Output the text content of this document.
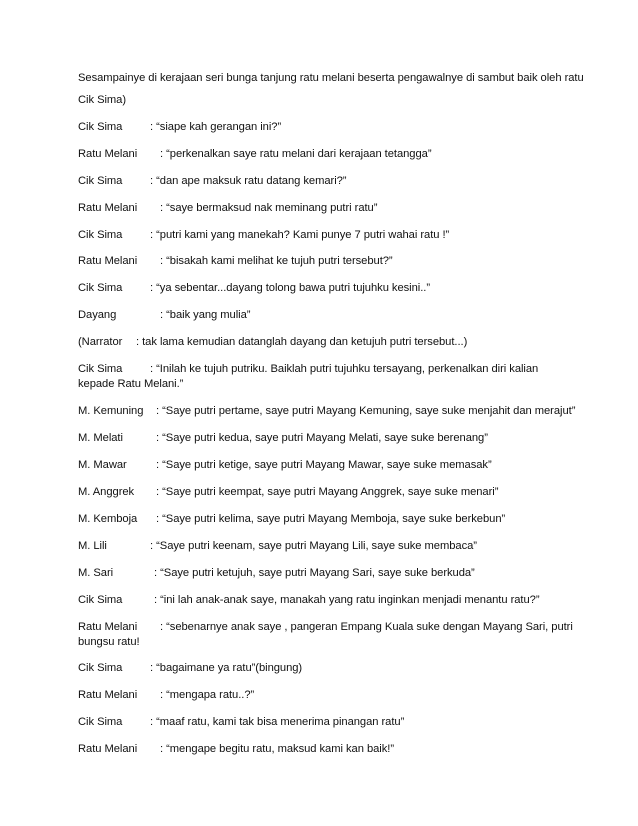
Sesampainye di kerajaan seri bunga tanjung ratu melani beserta pengawalnye di sambut baik oleh ratu
Cik Sima)
Cik Sima : “siape kah gerangan ini?”
Ratu Melani : “perkenalkan saye ratu melani dari kerajaan tetangga”
Cik Sima : “dan ape maksuk ratu datang kemari?”
Ratu Melani : “saye bermaksud nak meminang putri ratu”
Cik Sima : “putri kami yang manekah? Kami punye 7 putri wahai ratu !”
Ratu Melani : “bisakah kami melihat ke tujuh putri tersebut?”
Cik Sima : “ya sebentar...dayang tolong bawa putri tujuhku kesini..”
Dayang	: “baik yang mulia”
(Narrator : tak lama kemudian datanglah dayang dan ketujuh putri tersebut...)
Cik Sima : “Inilah ke tujuh putriku. Baiklah putri tujuhku tersayang, perkenalkan diri kalian
kepade Ratu Melani.”
M. Kemuning : “Saye putri pertame, saye putri Mayang Kemuning, saye suke menjahit dan merajut”
M. Melati	: “Saye putri kedua, saye putri Mayang Melati, saye suke berenang”
M. Mawar	: “Saye putri ketige, saye putri Mayang Mawar, saye suke memasak”
M. Anggrek : “Saye putri keempat, saye putri Mayang Anggrek, saye suke menari”
M. Kemboja : “Saye putri kelima, saye putri Mayang Memboja, saye suke berkebun”
M. Lili	: “Saye putri keenam, saye putri Mayang Lili, saye suke membaca”
M. Sari	: “Saye putri ketujuh, saye putri Mayang Sari, saye suke berkuda”
Cik Sima	: “ini lah anak-anak saye, manakah yang ratu inginkan menjadi menantu ratu?”
Ratu Melani : “sebenarnye anak saye , pangeran Empang Kuala suke dengan Mayang Sari, putri
bungsu ratu!
Cik Sima : “bagaimane ya ratu”(bingung)
Ratu Melani : “mengapa ratu..?”
Cik Sima : “maaf ratu, kami tak bisa menerima pinangan ratu”
Ratu Melani : “mengape begitu ratu, maksud kami kan baik!”
